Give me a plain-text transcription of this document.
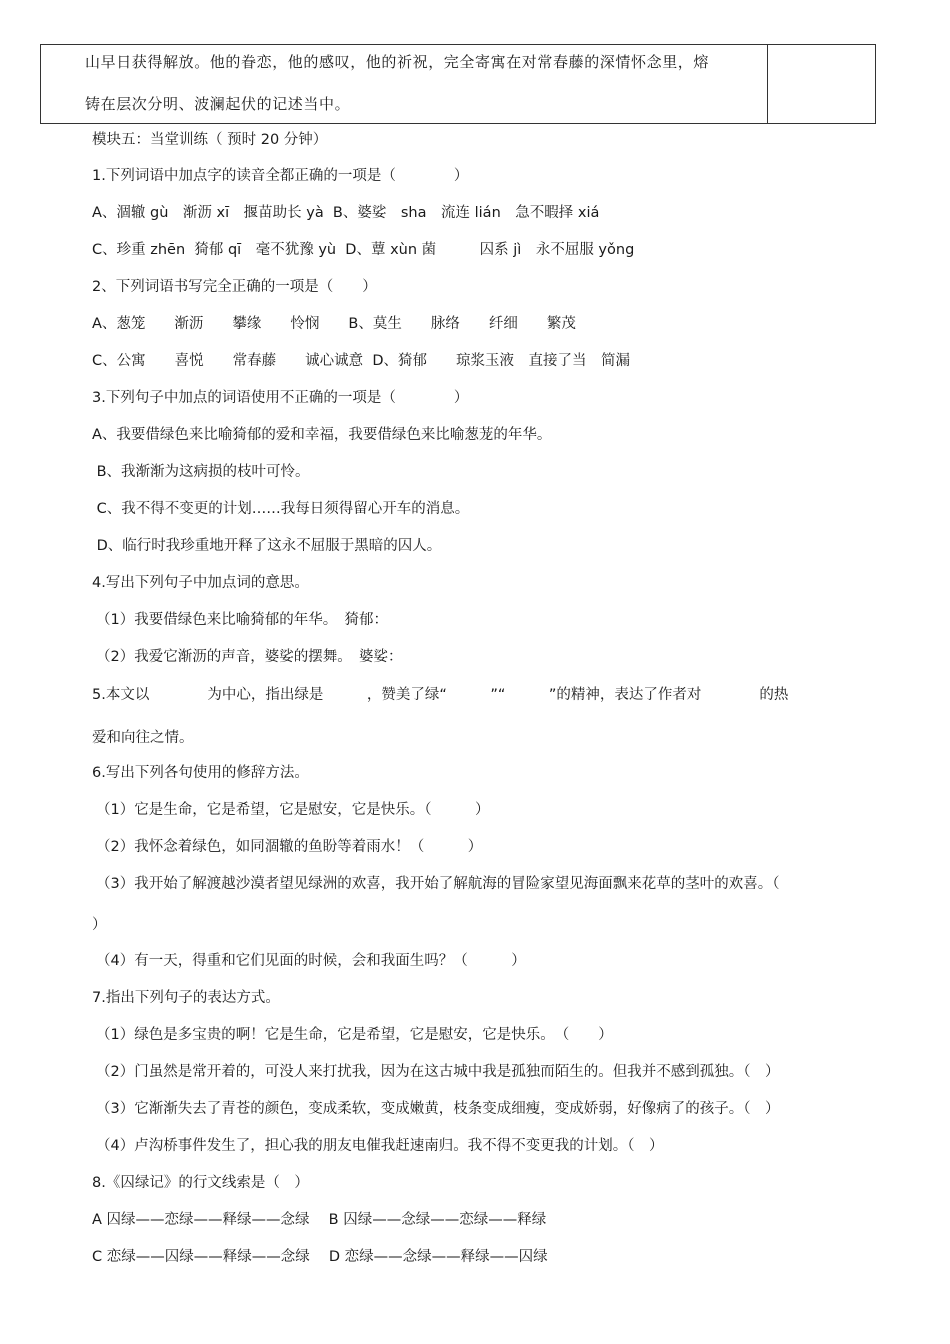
山早日获得解放。他的眷恋，他的感叹，他的祈祝，完全寄寓在对常春藤的深情怀念里，熔
铸在层次分明、波澜起伏的记述当中。
模块五：当堂训练（ 预时 20 分钟）
1.下列词语中加点字的读音全都正确的一项是（　　　　）
A、涸辙 gù　渐沥 xī　揠苗助长 yà  B、婆娑　sha　流连 lián　急不暇择 xiá
C、珍重 zhēn  猗郁 qī　毫不犹豫 yù  D、蕈 xùn 菌　　　囚系 jì　永不屈服 yǒng
2、下列词语书写完全正确的一项是（　　）
A、葱笼　　渐沥　　攀缘　　怜悯　　B、莫生　　脉络　　纤细　　繁茂
C、公寓　　喜悦　　常春藤　　诚心诚意  D、猗郁　　琼浆玉液　直接了当　简漏
3.下列句子中加点的词语使用不正确的一项是（　　　　）
A、我要借绿色来比喻猗郁的爱和幸福，我要借绿色来比喻葱茏的年华。
B、我渐渐为这病损的枝叶可怜。
C、我不得不变更的计划……我每日须得留心开车的消息。
D、临行时我珍重地开释了这永不屈服于黑暗的囚人。
4.写出下列句子中加点词的意思。
（1）我要借绿色来比喻猗郁的年华。　猗郁：
（2）我爱它渐沥的声音，婆娑的摆舞。　婆娑：
5.本文以　　　　为中心，指出绿是　　　，赞美了绿“　　　”“　　　”的精神，表达了作者对　　　　的热
爱和向往之情。
6.写出下列各句使用的修辞方法。
（1）它是生命，它是希望，它是慰安，它是快乐。（　　　）
（2）我怀念着绿色，如同涸辙的鱼盼等着雨水！（　　　）
（3）我开始了解渡越沙漠者望见绿洲的欢喜，我开始了解航海的冒险家望见海面飘来花草的茎叶的欢喜。（
）
（4）有一天，得重和它们见面的时候，会和我面生吗？（　　　）
7.指出下列句子的表达方式。
（1）绿色是多宝贵的啊！它是生命，它是希望，它是慰安，它是快乐。　（　　）
（2）门虽然是常开着的，可没人来打扰我，因为在这古城中我是孤独而陌生的。但我并不感到孤独。（　）
（3）它渐渐失去了青苍的颜色，变成柔软，变成嫩黄，枝条变成细瘦，变成娇弱，好像病了的孩子。（　）
（4）卢沟桥事件发生了，担心我的朋友电催我赶速南归。我不得不变更我的计划。（　）
8.《囚绿记》的行文线索是（　）
A 囚绿——恋绿——释绿——念绿　 B 囚绿——念绿——恋绿——释绿
C 恋绿——囚绿——释绿——念绿　 D 恋绿——念绿——释绿——囚绿
